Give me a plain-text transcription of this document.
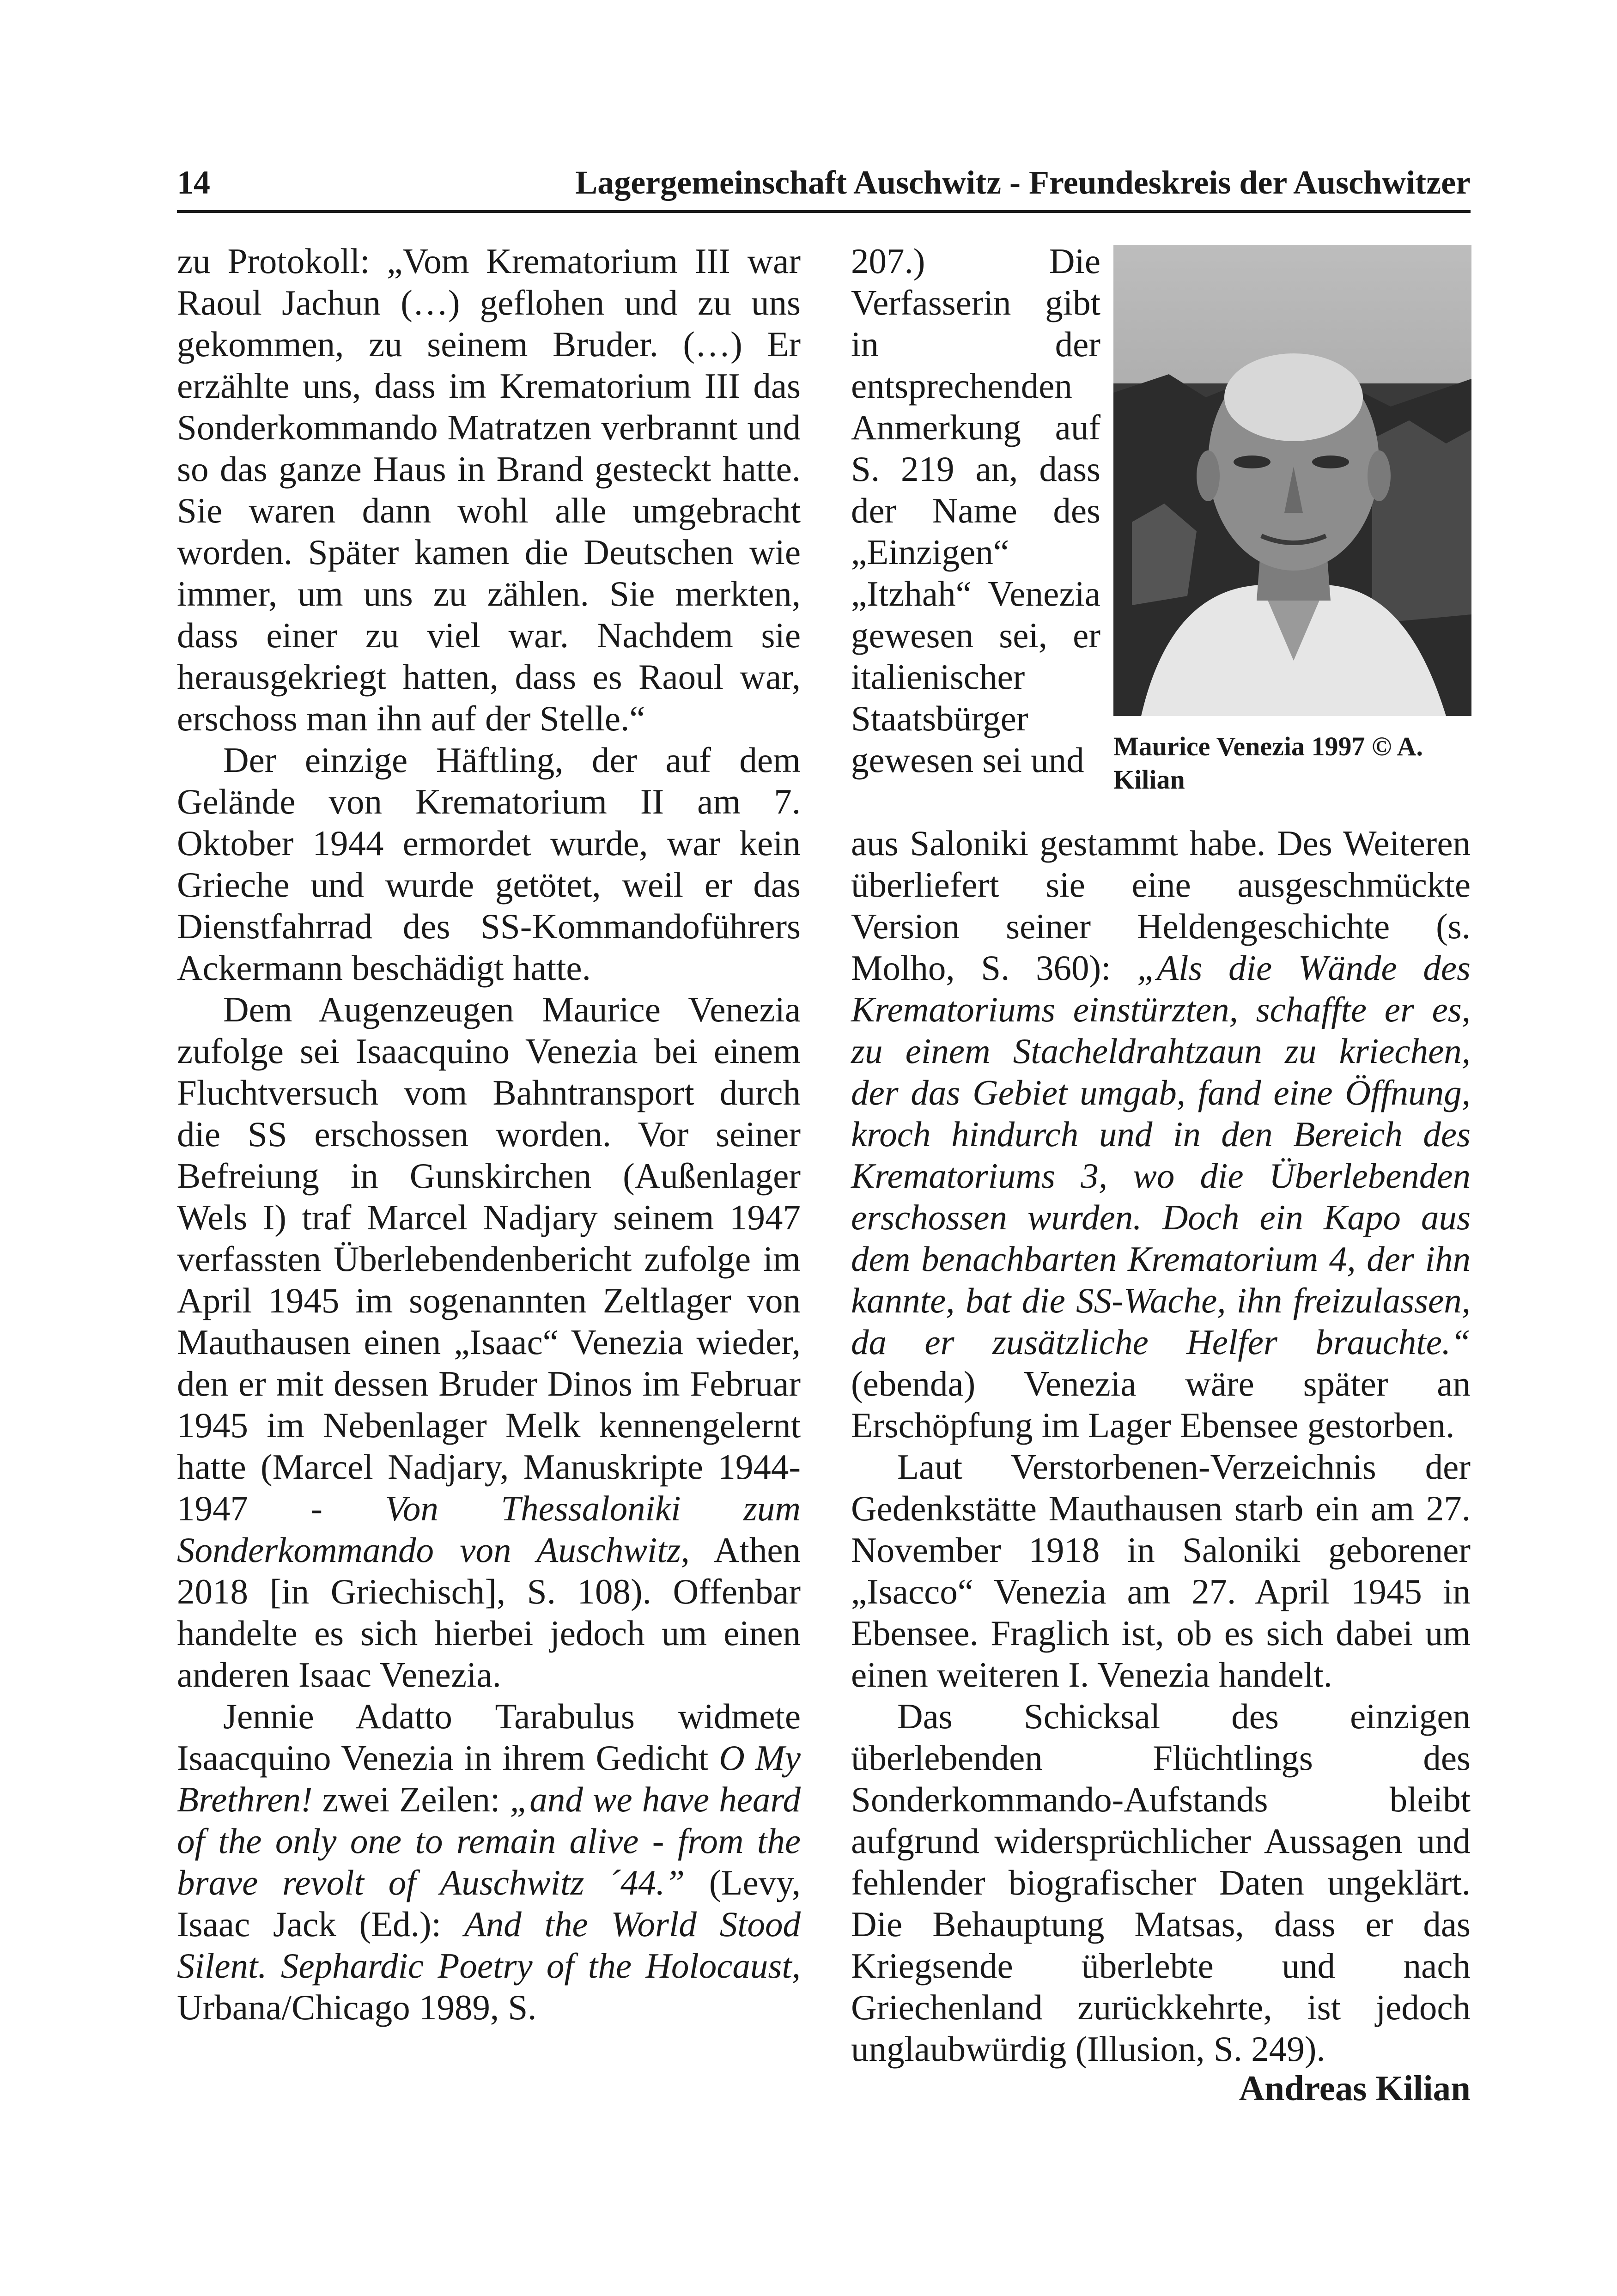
14	Lagergemeinschaft Auschwitz - Freundeskreis der Auschwitzer

zu Protokoll: „Vom Krematorium III war Raoul Jachun (…) geflohen und zu uns gekommen, zu seinem Bruder. (…) Er erzählte uns, dass im Krematorium III das Sonderkommando Matratzen verbrannt und so das ganze Haus in Brand gesteckt hatte. Sie waren dann wohl alle umgebracht worden. Später kamen die Deutschen wie immer, um uns zu zählen. Sie merkten, dass einer zu viel war. Nachdem sie herausgekriegt hatten, dass es Raoul war, erschoss man ihn auf der Stelle.“

Der einzige Häftling, der auf dem Gelände von Krematorium II am 7. Oktober 1944 ermordet wurde, war kein Grieche und wurde getötet, weil er das Dienstfahrrad des SS-Kommandoführers Ackermann beschädigt hatte.

Dem Augenzeugen Maurice Venezia zufolge sei Isaacquino Venezia bei einem Fluchtversuch vom Bahntransport durch die SS erschossen worden. Vor seiner Befreiung in Gunskirchen (Außenlager Wels I) traf Marcel Nadjary seinem 1947 verfassten Überlebendenbericht zufolge im April 1945 im sogenannten Zeltlager von Mauthausen einen „Isaac“ Venezia wieder, den er mit dessen Bruder Dinos im Februar 1945 im Nebenlager Melk kennengelernt hatte (Marcel Nadjary, Manuskripte 1944-1947 - Von Thessaloniki zum Sonderkommando von Auschwitz, Athen 2018 [in Griechisch], S. 108). Offenbar handelte es sich hierbei jedoch um einen anderen Isaac Venezia.

Jennie Adatto Tarabulus widmete Isaacquino Venezia in ihrem Gedicht O My Brethren! zwei Zeilen: „and we have heard of the only one to remain alive - from the brave revolt of Auschwitz ´44.” (Levy, Isaac Jack (Ed.): And the World Stood Silent. Sephardic Poetry of the Holocaust, Urbana/Chicago 1989, S.

207.) Die Verfasserin gibt in der entsprechenden Anmerkung auf S. 219 an, dass der Name des „Einzigen“ „Itzhah“ Venezia gewesen sei, er italienischer Staatsbürger gewesen sei und	Maurice Venezia 1997 © A. Kilian

aus Saloniki gestammt habe. Des Weiteren überliefert sie eine ausgeschmückte Version seiner Heldengeschichte (s. Molho, S. 360): „Als die Wände des Krematoriums einstürzten, schaffte er es, zu einem Stacheldrahtzaun zu kriechen, der das Gebiet umgab, fand eine Öffnung, kroch hindurch und in den Bereich des Krematoriums 3, wo die Überlebenden erschossen wurden. Doch ein Kapo aus dem benachbarten Krematorium 4, der ihn kannte, bat die SS-Wache, ihn freizulassen, da er zusätzliche Helfer brauchte.“ (ebenda) Venezia wäre später an Erschöpfung im Lager Ebensee gestorben.

Laut Verstorbenen-Verzeichnis der Gedenkstätte Mauthausen starb ein am 27. November 1918 in Saloniki geborener „Isacco“ Venezia am 27. April 1945 in Ebensee. Fraglich ist, ob es sich dabei um einen weiteren I. Venezia handelt.

Das Schicksal des einzigen überlebenden Flüchtlings des Sonderkommando-Aufstands bleibt aufgrund widersprüchlicher Aussagen und fehlender biografischer Daten ungeklärt. Die Behauptung Matsas, dass er das Kriegsende überlebte und nach Griechenland zurückkehrte, ist jedoch unglaubwürdig (Illusion, S. 249).

Andreas Kilian
